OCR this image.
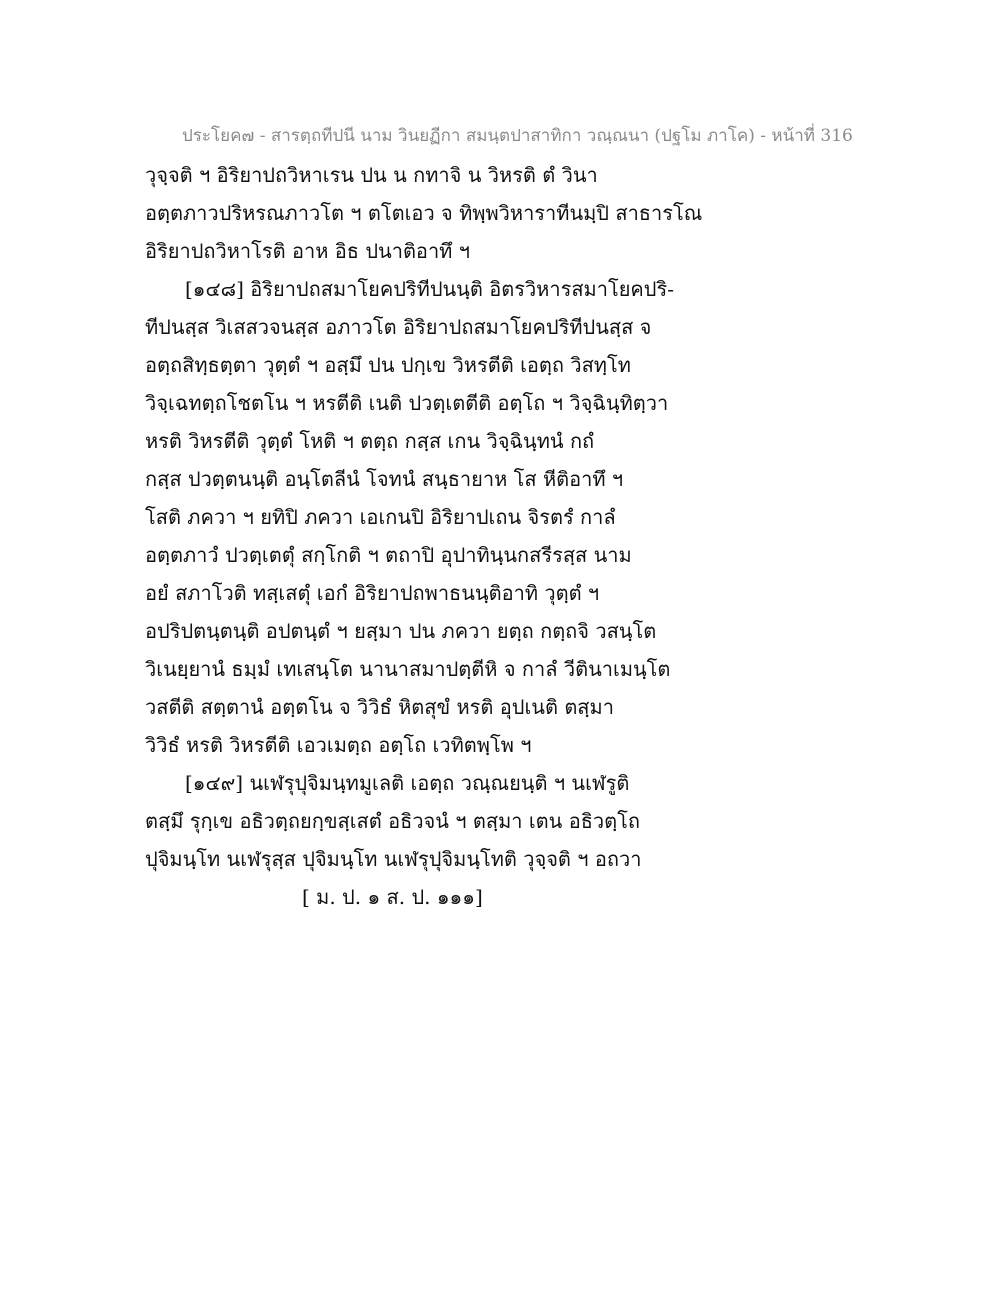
ประโยค๗ - สารตฺถทีปนี นาม วินยฏีกา สมนฺตปาสาทิกา วณฺณนา (ปฐโม ภาโค) - หน้าที่ 316
วุจฺจติ ฯ อิริยาปถวิหาเรน ปน น กทาจิ น วิหรติ ตํ วินา
อตฺตภาวปริหรณภาวโต ฯ ตโตเอว จ ทิพฺพวิหาราทีนมฺปิ สาธารโณ
อิริยาปถวิหาโรติ อาห อิธ ปนาติอาทึ ฯ
[๑๔๘] อิริยาปถสมาโยคปริทีปนนฺติ อิตรวิหารสมาโยคปริ-
ทีปนสฺส วิเสสวจนสฺส อภาวโต อิริยาปถสมาโยคปริทีปนสฺส จ
อตฺถสิทฺธตฺตา วุตฺตํ ฯ อสฺมึ ปน ปกฺเข วิหรตีติ เอตฺถ วิสทฺโท
วิจฺเฉทตฺถโชตโน ฯ หรตีติ เนติ ปวตฺเตตีติ อตฺโถ ฯ วิจฺฉินฺทิตฺวา
หรติ วิหรตีติ วุตฺตํ โหติ ฯ ตตฺถ กสฺส เกน วิจฺฉินฺทนํ กถํ
กสฺส ปวตฺตนนฺติ อนฺโตลีนํ โจทนํ สนฺธายาห โส หีติอาทึ ฯ
โสติ ภควา ฯ ยทิปิ ภควา เอเกนปิ อิริยาปเถน จิรตรํ กาลํ
อตฺตภาวํ ปวตฺเตตุํ สกฺโกติ ฯ ตถาปิ อุปาทินฺนกสรีรสฺส นาม
อยํ สภาโวติ ทสฺเสตุํ เอกํ อิริยาปถพาธนนฺติอาทิ วุตฺตํ ฯ
อปริปตนฺตนฺติ อปตนฺตํ ฯ ยสฺมา ปน ภควา ยตฺถ กตฺถจิ วสนฺโต
วิเนยฺยานํ ธมฺมํ เทเสนฺโต นานาสมาปตฺตีหิ จ กาลํ วีตินาเมนฺโต
วสตีติ สตฺตานํ อตฺตโน จ วิวิธํ หิตสุขํ หรติ อุปเนติ ตสฺมา
วิวิธํ หรติ วิหรตีติ เอวเมตฺถ อตฺโถ เวทิตพฺโพ ฯ
[๑๔๙] นเฬรุปุจิมนฺทมูเลติ เอตฺถ วณฺณยนฺติ ฯ นเฬรูติ
ตสฺมึ รุกฺเข อธิวตฺถยกฺขสฺเสตํ อธิวจนํ ฯ ตสฺมา เตน อธิวตฺโถ
ปุจิมนฺโท นเฬรุสฺส ปุจิมนฺโท นเฬรุปุจิมนฺโทติ วุจฺจติ ฯ อถวา
[ ม. ป. ๑ ส. ป. ๑๑๑]
